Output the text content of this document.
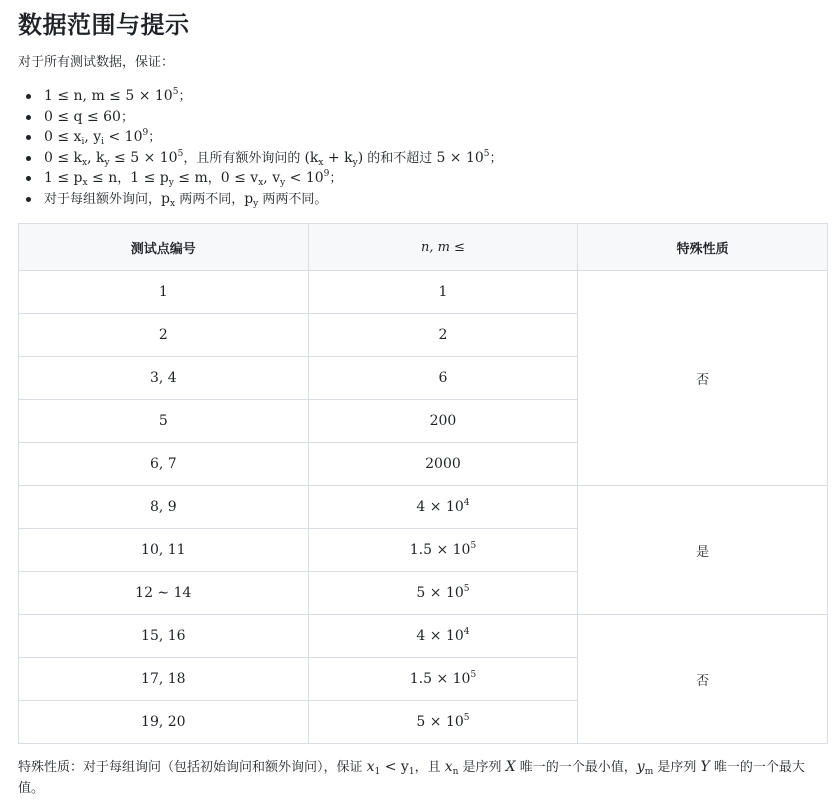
数据范围与提示
对于所有测试数据，保证：
1 ≤ n, $m \le 5 \times 10^5$；
0 ≤ q ≤ 60；
$0 \le x_i$, $y_i < 10^9$；
$0 \le k_x$, $k_y \le 5 \times 10^5$，且所有额外询问的 $(k_x + k_y)$ 的和不超过 $5 \times 10^5$；
$1 \le p_x \le n$，$1 \le p_y \le m$，$0 \le v_x$, $v_y < 10^9$；
对于每组额外询问，$p_x$ 两两不同，$p_y$ 两两不同。
测试点编号	n, m ≤	特殊性质
1	1	否
2	2	
3, 4	6	
5	200	
6, 7	2000	
8, 9	$4 \times 10^4$	是
10, 11	$1.5 \times 10^5$
12 ∼ 14	$5 \times 10^5$
15, 16	$4 \times 10^4$	否
17, 18	$1.5 \times 10^5$
19, 20	$5 \times 10^5$
特殊性质：对于每组询问（包括初始询问和额外询问），保证 $x_1 < y_1$，且 $x_n$ 是序列 X 唯一的一个最小值，$y_m$ 是序列 Y 唯一的一个最大值。
